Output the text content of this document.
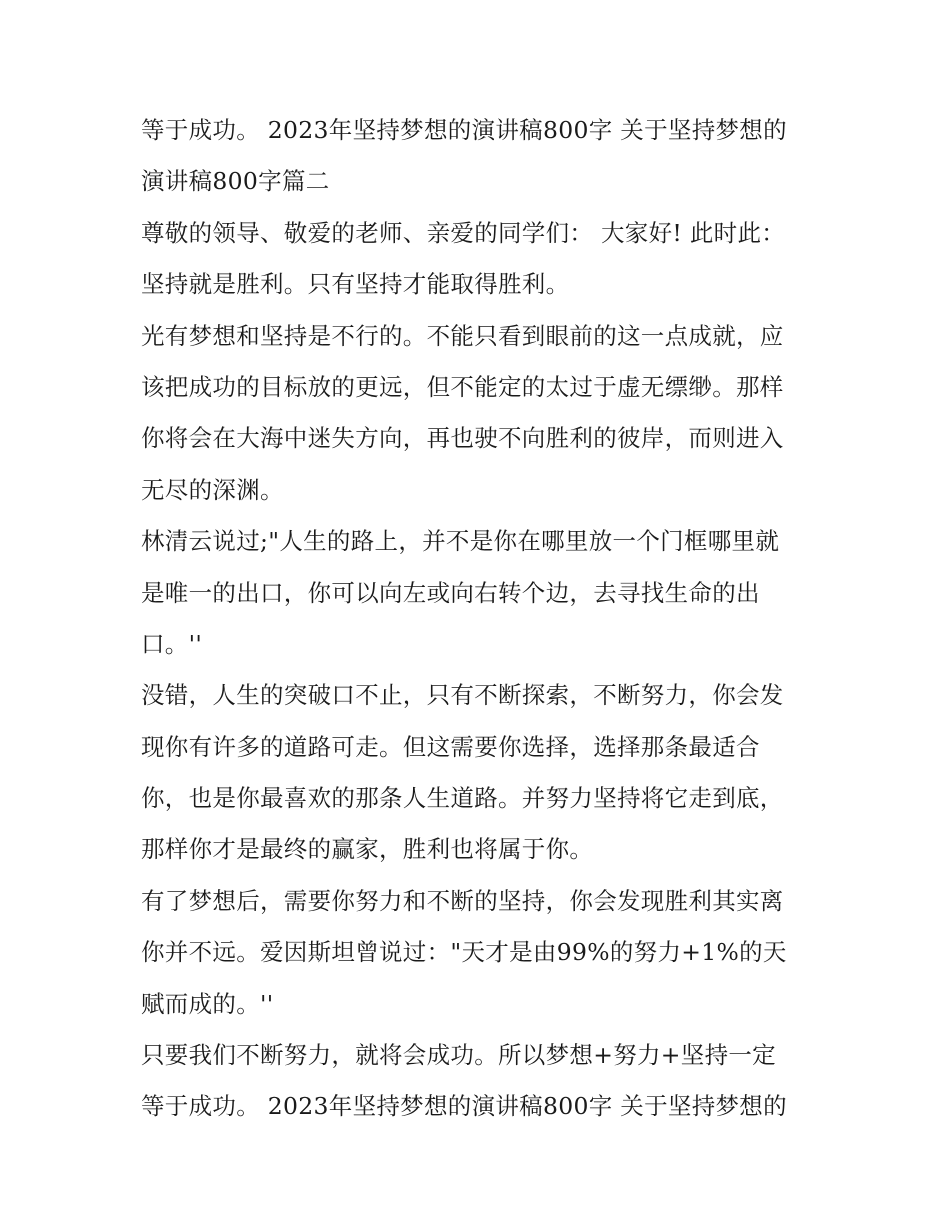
等于成功。 2023年坚持梦想的演讲稿800字 关于坚持梦想的
演讲稿800字篇二
尊敬的领导、敬爱的老师、亲爱的同学们： 大家好! 此时此：
坚持就是胜利。只有坚持才能取得胜利。
光有梦想和坚持是不行的。不能只看到眼前的这一点成就，应
该把成功的目标放的更远，但不能定的太过于虚无缥缈。那样
你将会在大海中迷失方向，再也驶不向胜利的彼岸，而则进入
无尽的深渊。
林清云说过;"人生的路上，并不是你在哪里放一个门框哪里就
是唯一的出口，你可以向左或向右转个边，去寻找生命的出
口。''
没错，人生的突破口不止，只有不断探索，不断努力，你会发
现你有许多的道路可走。但这需要你选择，选择那条最适合
你，也是你最喜欢的那条人生道路。并努力坚持将它走到底，
那样你才是最终的赢家，胜利也将属于你。
有了梦想后，需要你努力和不断的坚持，你会发现胜利其实离
你并不远。爱因斯坦曾说过："天才是由99%的努力+1%的天
赋而成的。''
只要我们不断努力，就将会成功。所以梦想+努力+坚持一定
等于成功。 2023年坚持梦想的演讲稿800字 关于坚持梦想的
